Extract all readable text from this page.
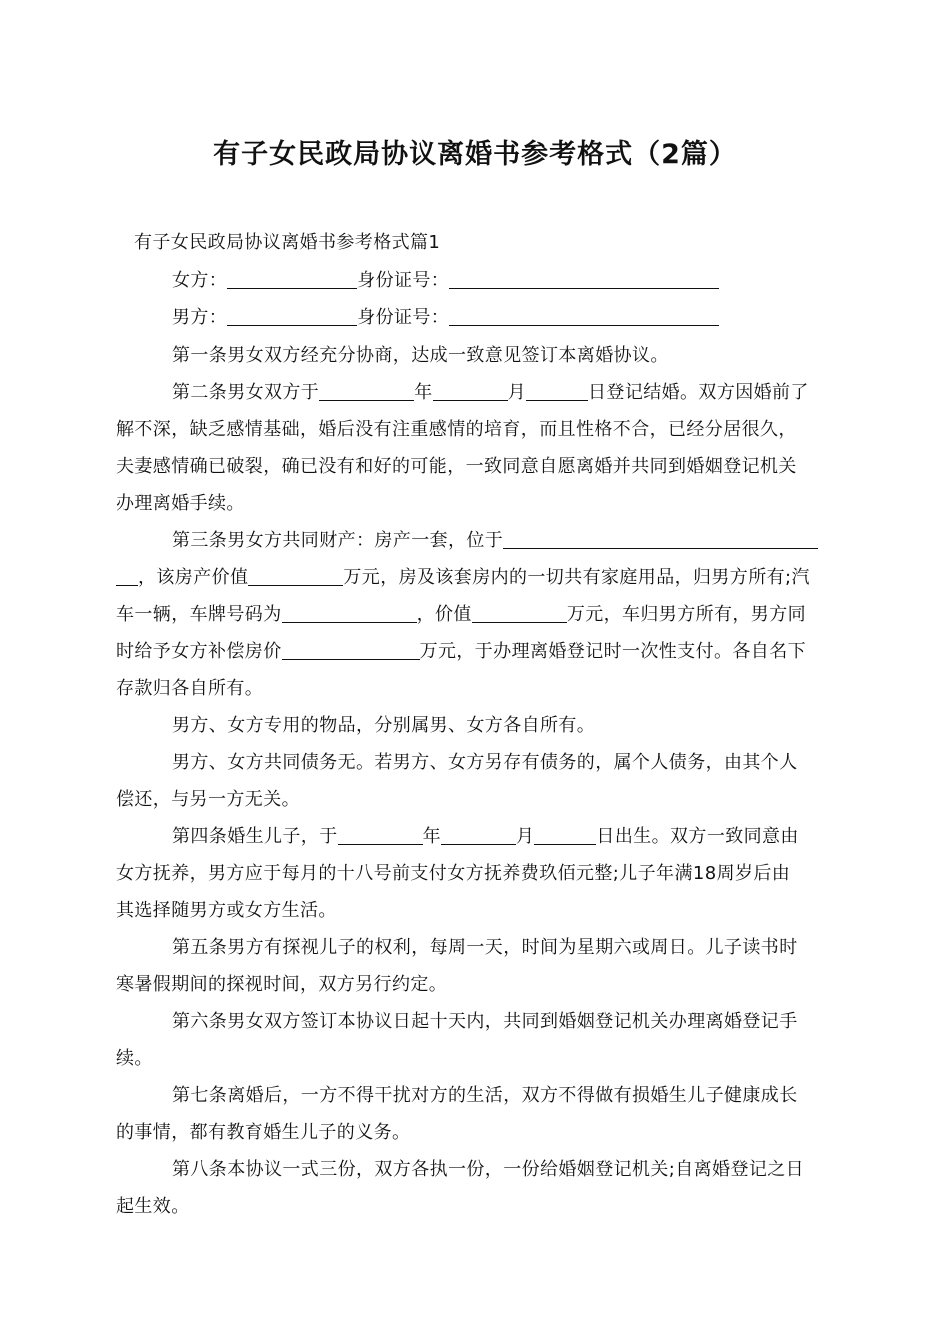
有子女民政局协议离婚书参考格式（2篇）
有子女民政局协议离婚书参考格式篇1
女方：	身份证号：
男方：	身份证号：
第一条男女双方经充分协商，达成一致意见签订本离婚协议。
第二条男女双方于	年	月	日登记结婚。双方因婚前了
解不深，缺乏感情基础，婚后没有注重感情的培育，而且性格不合，已经分居很久，
夫妻感情确已破裂，确已没有和好的可能，一致同意自愿离婚并共同到婚姻登记机关
办理离婚手续。
第三条男女方共同财产：房产一套，位于
，该房产价值	万元，房及该套房内的一切共有家庭用品，归男方所有;汽
车一辆，车牌号码为	，价值	万元，车归男方所有，男方同
时给予女方补偿房价	万元，于办理离婚登记时一次性支付。各自名下
存款归各自所有。
男方、女方专用的物品，分别属男、女方各自所有。
男方、女方共同债务无。若男方、女方另存有债务的，属个人债务，由其个人
偿还，与另一方无关。
第四条婚生儿子，于	年	月	日出生。双方一致同意由
女方抚养，男方应于每月的十八号前支付女方抚养费玖佰元整;儿子年满18周岁后由
其选择随男方或女方生活。
第五条男方有探视儿子的权利，每周一天，时间为星期六或周日。儿子读书时
寒暑假期间的探视时间，双方另行约定。
第六条男女双方签订本协议日起十天内，共同到婚姻登记机关办理离婚登记手
续。
第七条离婚后，一方不得干扰对方的生活，双方不得做有损婚生儿子健康成长
的事情，都有教育婚生儿子的义务。
第八条本协议一式三份，双方各执一份，一份给婚姻登记机关;自离婚登记之日
起生效。
